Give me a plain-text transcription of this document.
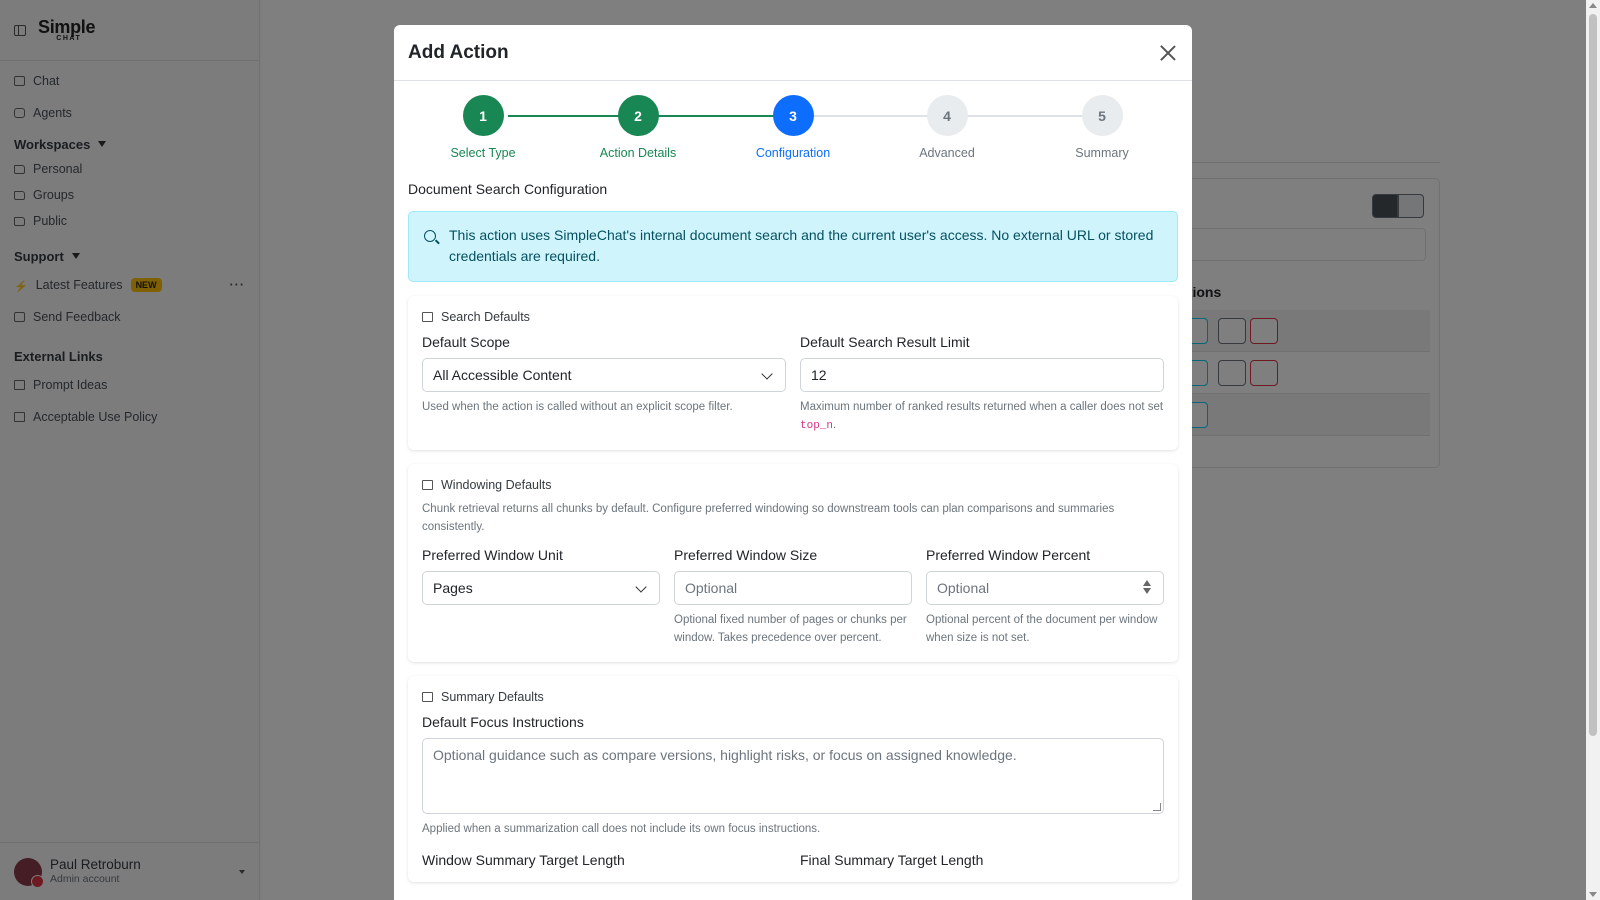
Add Action
1
Select Type
2
Action Details
3
Configuration
4
Advanced
5
Summary
Document Search Configuration
This action uses SimpleChat's internal document search and the current user's access. No external URL or stored credentials are required.
Search Defaults
Default Scope
All Accessible Content
Used when the action is called without an explicit scope filter.
Default Search Result Limit
12
Maximum number of ranked results returned when a caller does not set top_n.
Windowing Defaults
Chunk retrieval returns all chunks by default. Configure preferred windowing so downstream tools can plan comparisons and summaries consistently.
Preferred Window Unit
Pages
Preferred Window Size
Optional
Optional fixed number of pages or chunks per window. Takes precedence over percent.
Preferred Window Percent
Optional
Optional percent of the document per window when size is not set.
Summary Defaults
Default Focus Instructions
Optional guidance such as compare versions, highlight risks, or focus on assigned knowledge.
Applied when a summarization call does not include its own focus instructions.
Window Summary Target Length	Final Summary Target Length
